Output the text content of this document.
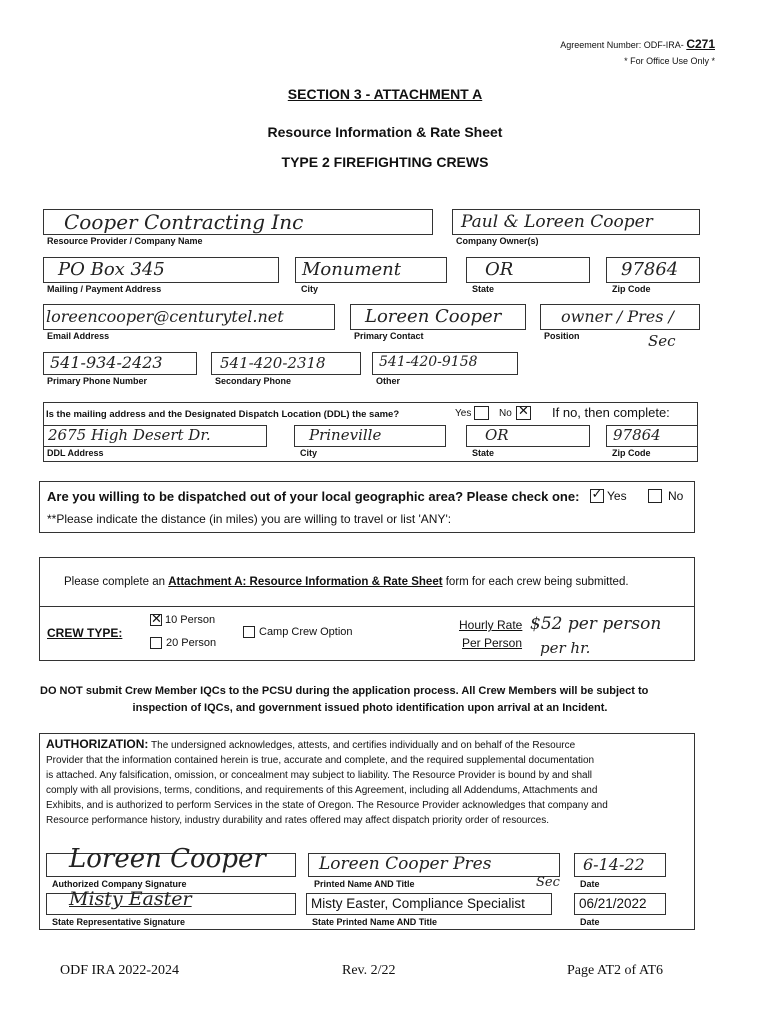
Agreement Number: ODF-IRA- C271
* For Office Use Only *
SECTION 3 - ATTACHMENT A
Resource Information & Rate Sheet
TYPE 2 FIREFIGHTING CREWS
Cooper Contracting Inc
Resource Provider / Company Name
Paul & Loreen Cooper
Company Owner(s)
PO Box 345
Mailing / Payment Address
Monument
City
OR
State
97864
Zip Code
loreencooper@centurytel.net
Email Address
Loreen Cooper
Primary Contact
owner / Pres /
Position	Sec
541-934-2423
Primary Phone Number
541-420-2318
Secondary Phone
541-420-9158
Other
Is the mailing address and the Designated Dispatch Location (DDL) the same?	Yes	No ✕ If no, then complete:
2675 High Desert Dr.
DDL Address
Prineville
City
OR
State
97864
Zip Code
Are you willing to be dispatched out of your local geographic area? Please check one: ✓ Yes	No
**Please indicate the distance (in miles) you are willing to travel or list 'ANY':
Please complete an Attachment A: Resource Information & Rate Sheet form for each crew being submitted.
CREW TYPE:
✕ 10 Person
20 Person
Camp Crew Option	Hourly Rate
Per Person
$52 per person
per hr.
DO NOT submit Crew Member IQCs to the PCSU during the application process. All Crew Members will be subject to
inspection of IQCs, and government issued photo identification upon arrival at an Incident.
AUTHORIZATION: The undersigned acknowledges, attests, and certifies individually and on behalf of the Resource
Provider that the information contained herein is true, accurate and complete, and the required supplemental documentation
is attached. Any falsification, omission, or concealment may subject to liability. The Resource Provider is bound by and shall
comply with all provisions, terms, conditions, and requirements of this Agreement, including all Addendums, Attachments and
Exhibits, and is authorized to perform Services in the state of Oregon. The Resource Provider acknowledges that company and
Resource performance history, industry durability and rates offered may affect dispatch priority order of resources.
Loreen Cooper
Authorized Company Signature
Loreen Cooper Pres
Printed Name AND Title	Sec
6-14-22
Date
Misty Easter
State Representative Signature
Misty Easter, Compliance Specialist
State Printed Name AND Title
06/21/2022
Date
ODF IRA 2022-2024	Rev. 2/22	Page AT2 of AT6
